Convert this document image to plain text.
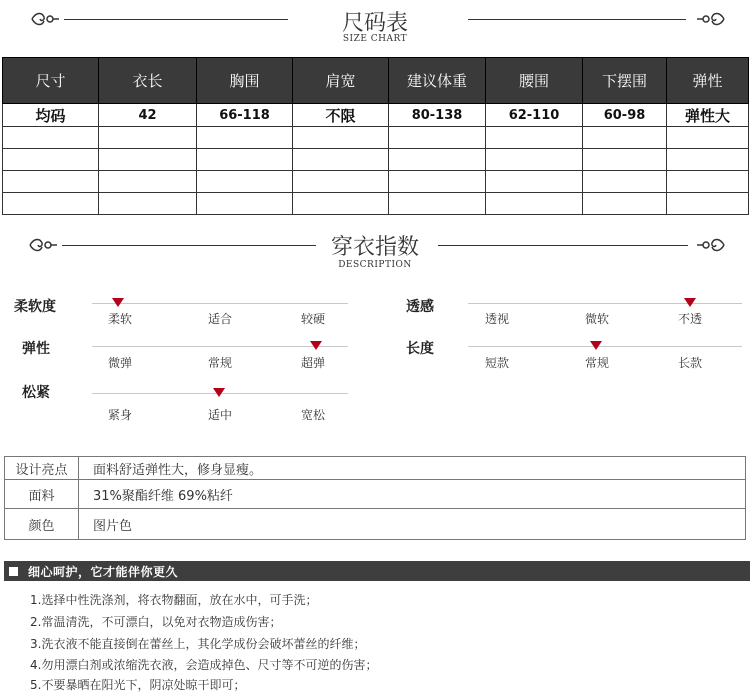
尺码表
SIZE CHART
尺寸	衣长	胸围	肩宽	建议体重	腰围	下摆围	弹性
均码	42	66-118	不限	80-138	62-110	60-98	弹性大

穿衣指数
DESCRIPTION
柔软度
柔软	适合	较硬
弹性
微弹	常规	超弹
松紧
紧身	适中	宽松
透感
透视	微软	不透
长度
短款	常规	长款
设计亮点	面料舒适弹性大，修身显瘦。
面料	31%聚酯纤维 69%粘纤
颜色	图片色
细心呵护，它才能伴你更久
1.选择中性洗涤剂，将衣物翻面，放在水中，可手洗；
2.常温清洗，不可漂白，以免对衣物造成伤害；
3.洗衣液不能直接倒在蕾丝上，其化学成份会破坏蕾丝的纤维；
4.勿用漂白剂或浓缩洗衣液，会造成掉色、尺寸等不可逆的伤害；
5.不要暴晒在阳光下，阴凉处晾干即可；
